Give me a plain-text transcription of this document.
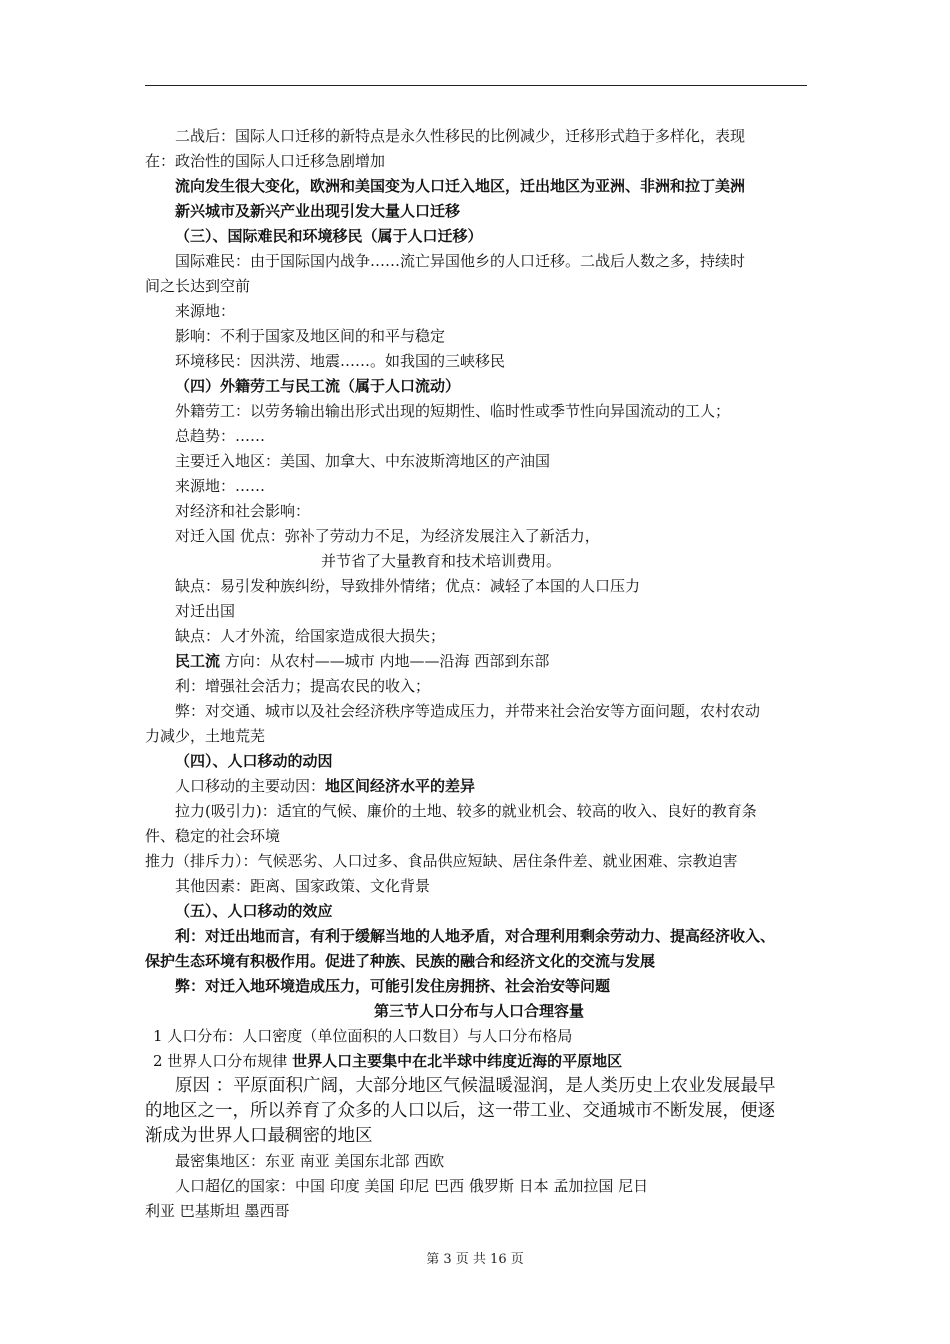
二战后：国际人口迁移的新特点是永久性移民的比例减少，迁移形式趋于多样化，表现
在：政治性的国际人口迁移急剧增加
流向发生很大变化，欧洲和美国变为人口迁入地区，迁出地区为亚洲、非洲和拉丁美洲
新兴城市及新兴产业出现引发大量人口迁移
（三）、国际难民和环境移民（属于人口迁移）
国际难民：由于国际国内战争……流亡异国他乡的人口迁移。二战后人数之多，持续时
间之长达到空前
来源地：
影响：不利于国家及地区间的和平与稳定
环境移民：因洪涝、地震……。如我国的三峡移民
（四）外籍劳工与民工流（属于人口流动）
外籍劳工：以劳务输出输出形式出现的短期性、临时性或季节性向异国流动的工人；
总趋势：……
主要迁入地区：美国、加拿大、中东波斯湾地区的产油国
来源地：……
对经济和社会影响：
对迁入国 优点：弥补了劳动力不足，为经济发展注入了新活力，
并节省了大量教育和技术培训费用。
缺点：易引发种族纠纷，导致排外情绪；优点：减轻了本国的人口压力
对迁出国
缺点：人才外流，给国家造成很大损失；
民工流 方向：从农村——城市 内地——沿海 西部到东部
利：增强社会活力；提高农民的收入；
弊：对交通、城市以及社会经济秩序等造成压力，并带来社会治安等方面问题，农村农动
力减少，土地荒芜
（四）、人口移动的动因
人口移动的主要动因：地区间经济水平的差异
拉力(吸引力)：适宜的气候、廉价的土地、较多的就业机会、较高的收入、良好的教育条
件、稳定的社会环境
推力（排斥力）：气候恶劣、人口过多、食品供应短缺、居住条件差、就业困难、宗教迫害
其他因素：距离、国家政策、文化背景
（五）、人口移动的效应
利：对迁出地而言，有利于缓解当地的人地矛盾，对合理利用剩余劳动力、提高经济收入、
保护生态环境有积极作用。促进了种族、民族的融合和经济文化的交流与发展
弊：对迁入地环境造成压力，可能引发住房拥挤、社会治安等问题
第三节人口分布与人口合理容量
1 人口分布：人口密度（单位面积的人口数目）与人口分布格局
2 世界人口分布规律 世界人口主要集中在北半球中纬度近海的平原地区
原因 ：平原面积广阔，大部分地区气候温暖湿润，是人类历史上农业发展最早
的地区之一，所以养育了众多的人口以后，这一带工业、交通城市不断发展，便逐
渐成为世界人口最稠密的地区
最密集地区：东亚 南亚 美国东北部 西欧
人口超亿的国家：中国 印度 美国 印尼 巴西 俄罗斯 日本 孟加拉国 尼日
利亚 巴基斯坦 墨西哥
第 3 页 共 16 页
